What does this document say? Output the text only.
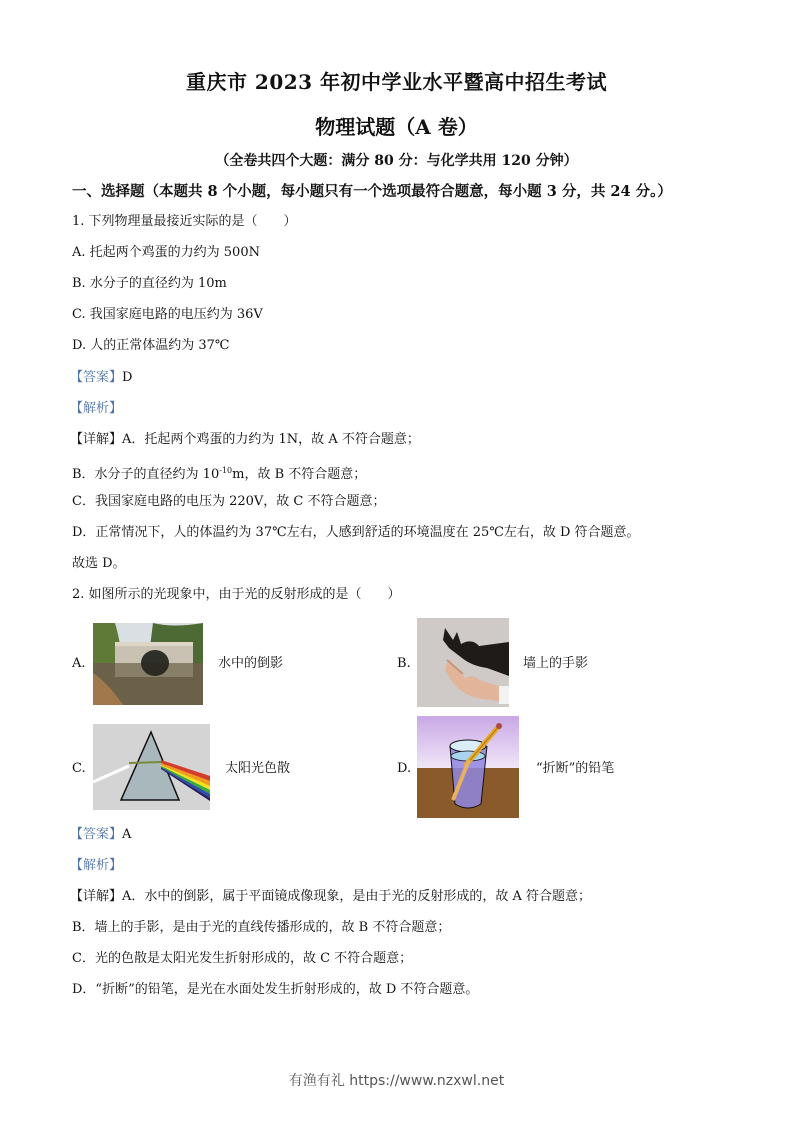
重庆市 2023 年初中学业水平暨高中招生考试
物理试题（A 卷）
（全卷共四个大题：满分 80 分：与化学共用 120 分钟）
一、选择题（本题共 8 个小题，每小题只有一个选项最符合题意，每小题 3 分，共 24 分。）
1. 下列物理量最接近实际的是（　　）
A. 托起两个鸡蛋的力约为 500N
B. 水分子的直径约为 10m
C. 我国家庭电路的电压约为 36V
D. 人的正常体温约为 37℃
【答案】D
【解析】
【详解】A．托起两个鸡蛋的力约为 1N，故 A 不符合题意；
B．水分子的直径约为 $10^{-10}m$，故 B 不符合题意；
C．我国家庭电路的电压为 220V，故 C 不符合题意；
D．正常情况下，人的体温约为 37℃左右，人感到舒适的环境温度在 25℃左右，故 D 符合题意。
故选 D。
2. 如图所示的光现象中，由于光的反射形成的是（　　）
A.	水中的倒影	B.	墙上的手影
C.	太阳光色散	D.	“折断”的铅笔
【答案】A
【解析】
【详解】A．水中的倒影，属于平面镜成像现象，是由于光的反射形成的，故 A 符合题意；
B．墙上的手影，是由于光的直线传播形成的，故 B 不符合题意；
C．光的色散是太阳光发生折射形成的，故 C 不符合题意；
D．“折断”的铅笔，是光在水面处发生折射形成的，故 D 不符合题意。
有渔有礼 https://www.nzxwl.net
